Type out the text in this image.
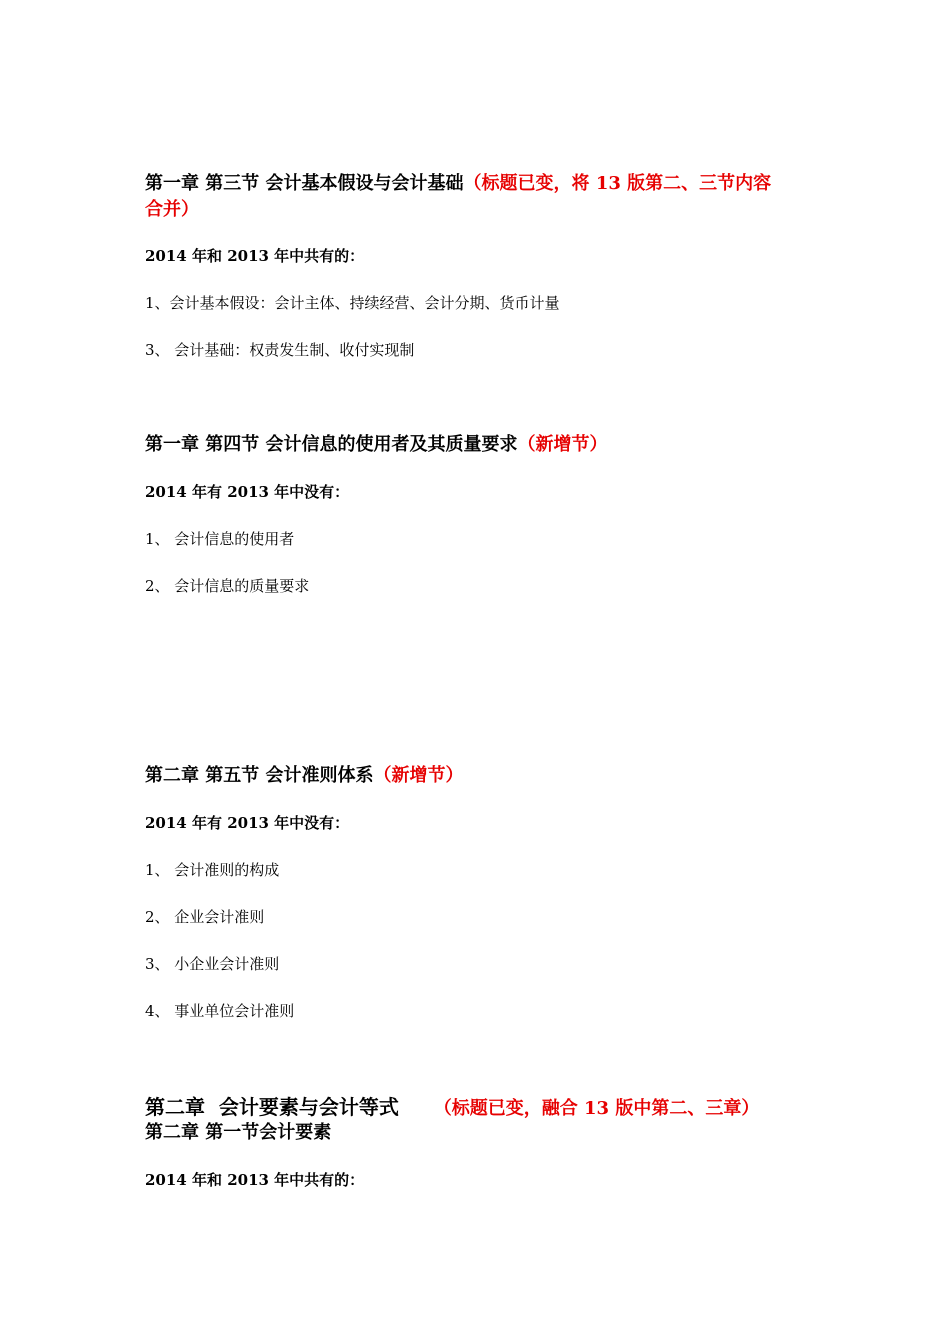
第一章 第三节 会计基本假设与会计基础（标题已变，将 13 版第二、三节内容
合并）
2014 年和 2013 年中共有的：
1、会计基本假设：会计主体、持续经营、会计分期、货币计量
3、 会计基础：权责发生制、收付实现制
第一章 第四节 会计信息的使用者及其质量要求（新增节）
2014 年有 2013 年中没有：
1、 会计信息的使用者
2、 会计信息的质量要求
第二章 第五节 会计准则体系（新增节）
2014 年有 2013 年中没有：
1、 会计准则的构成
2、 企业会计准则
3、 小企业会计准则
4、 事业单位会计准则
第二章  会计要素与会计等式     （标题已变，融合 13 版中第二、三章）
第二章 第一节会计要素
2014 年和 2013 年中共有的：
